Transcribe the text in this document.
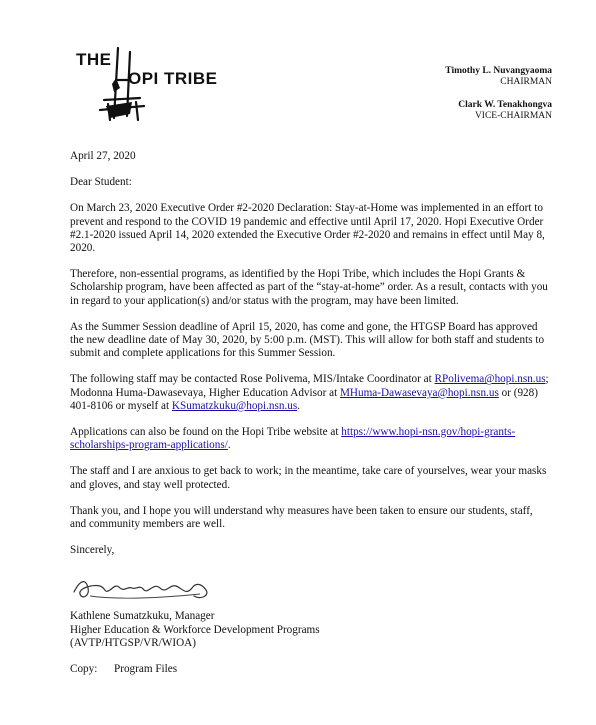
THE
OPI TRIBE	Timothy L. Nuvangyaoma
CHAIRMAN
Clark W. Tenakhongva
VICE-CHAIRMAN

April 27, 2020

Dear Student:

On March 23, 2020 Executive Order #2-2020 Declaration: Stay-at-Home was implemented in an effort to prevent and respond to the COVID 19 pandemic and effective until April 17, 2020. Hopi Executive Order #2.1-2020 issued April 14, 2020 extended the Executive Order #2-2020 and remains in effect until May 8, 2020.

Therefore, non-essential programs, as identified by the Hopi Tribe, which includes the Hopi Grants & Scholarship program, have been affected as part of the “stay-at-home” order. As a result, contacts with you in regard to your application(s) and/or status with the program, may have been limited.

As the Summer Session deadline of April 15, 2020, has come and gone, the HTGSP Board has approved the new deadline date of May 30, 2020, by 5:00 p.m. (MST). This will allow for both staff and students to submit and complete applications for this Summer Session.

The following staff may be contacted Rose Polivema, MIS/Intake Coordinator at RPolivema@hopi.nsn.us; Modonna Huma-Dawasevaya, Higher Education Advisor at MHuma-Dawasevaya@hopi.nsn.us or (928) 401-8106 or myself at KSumatzkuku@hopi.nsn.us.

Applications can also be found on the Hopi Tribe website at https://www.hopi-nsn.gov/hopi-grants-scholarships-program-applications/.

The staff and I are anxious to get back to work; in the meantime, take care of yourselves, wear your masks and gloves, and stay well protected.

Thank you, and I hope you will understand why measures have been taken to ensure our students, staff, and community members are well.

Sincerely,

Kathlene Sumatzkuku, Manager

Higher Education & Workforce Development Programs

(AVTP/HTGSP/VR/WIOA)

Copy: Program Files
